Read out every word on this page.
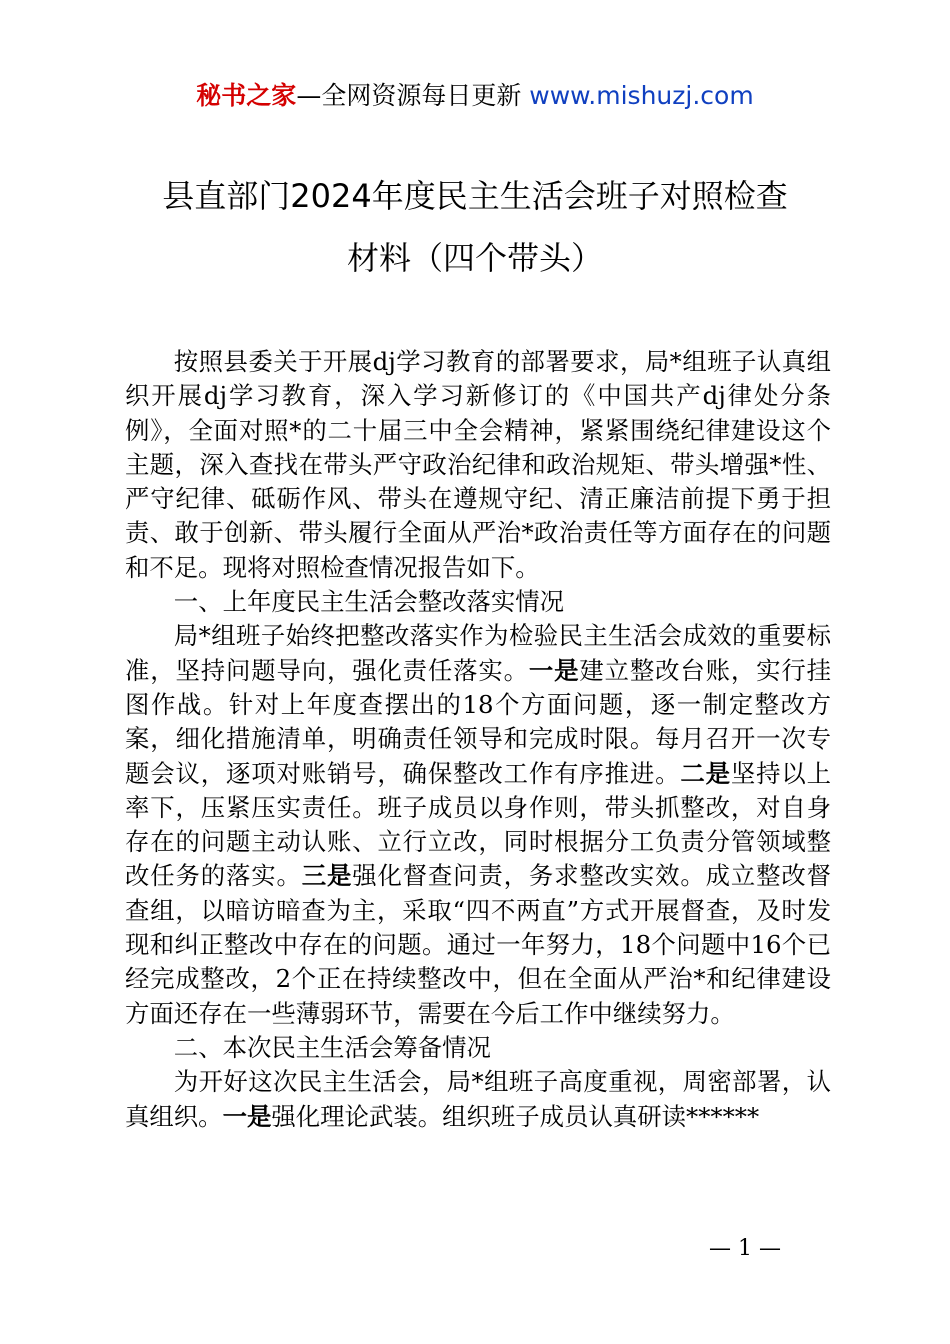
秘书之家—全网资源每日更新 www.mishuzj.com
县直部门2024年度民主生活会班子对照检查
材料（四个带头）

按照县委关于开展dj学习教育的部署要求，局*组班子认真组织开展dj学习教育，深入学习新修订的《中国共产dj律处分条例》，全面对照*的二十届三中全会精神，紧紧围绕纪律建设这个主题，深入查找在带头严守政治纪律和政治规矩、带头增强*性、严守纪律、砥砺作风、带头在遵规守纪、清正廉洁前提下勇于担责、敢于创新、带头履行全面从严治*政治责任等方面存在的问题和不足。现将对照检查情况报告如下。

一、上年度民主生活会整改落实情况

局*组班子始终把整改落实作为检验民主生活会成效的重要标准，坚持问题导向，强化责任落实。一是建立整改台账，实行挂图作战。针对上年度查摆出的18个方面问题，逐一制定整改方案，细化措施清单，明确责任领导和完成时限。每月召开一次专题会议，逐项对账销号，确保整改工作有序推进。二是坚持以上率下，压紧压实责任。班子成员以身作则，带头抓整改，对自身存在的问题主动认账、立行立改，同时根据分工负责分管领域整改任务的落实。三是强化督查问责，务求整改实效。成立整改督查组，以暗访暗查为主，采取“四不两直”方式开展督查，及时发现和纠正整改中存在的问题。通过一年努力，18个问题中16个已经完成整改，2个正在持续整改中，但在全面从严治*和纪律建设方面还存在一些薄弱环节，需要在今后工作中继续努力。

二、本次民主生活会筹备情况

为开好这次民主生活会，局*组班子高度重视，周密部署，认真组织。一是强化理论武装。组织班子成员认真研读******

— 1 —
